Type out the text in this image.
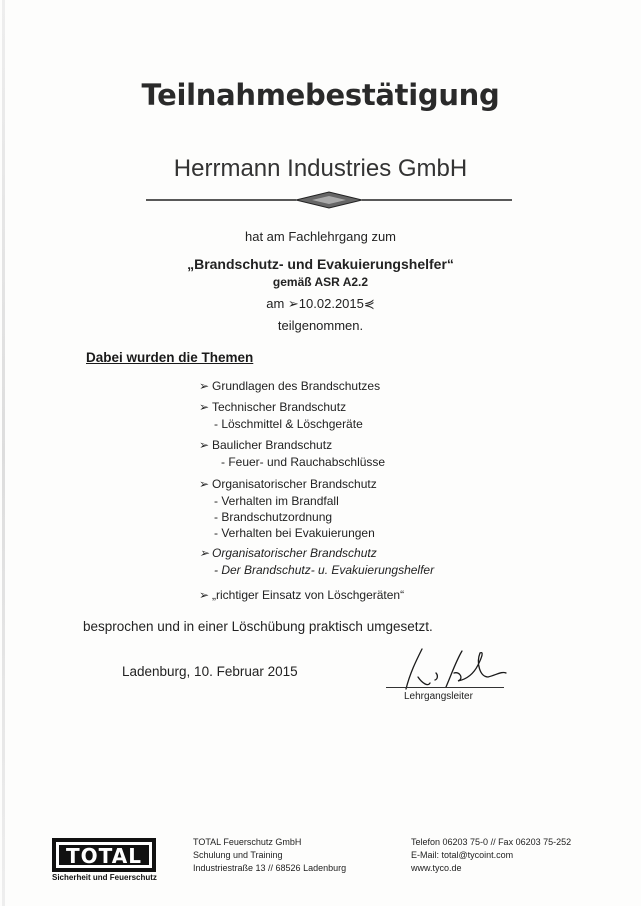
Teilnahmebestätigung
Herrmann Industries GmbH
hat am Fachlehrgang zum
„Brandschutz- und Evakuierungshelfer“
gemäß ASR A2.2
am ➢10.02.2015⋞
teilgenommen.
Dabei wurden die Themen
➢ Grundlagen des Brandschutzes
➢ Technischer Brandschutz
- Löschmittel & Löschgeräte
➢ Baulicher Brandschutz
- Feuer- und Rauchabschlüsse
➢ Organisatorischer Brandschutz
- Verhalten im Brandfall
- Brandschutzordnung
- Verhalten bei Evakuierungen
➢ Organisatorischer Brandschutz
- Der Brandschutz- u. Evakuierungshelfer
➢ „richtiger Einsatz von Löschgeräten“
besprochen und in einer Löschübung praktisch umgesetzt.
Ladenburg, 10. Februar 2015
Lehrgangsleiter
TOTAL
Sicherheit und Feuerschutz
TOTAL Feuerschutz GmbH
Schulung und Training
Industriestraße 13 // 68526 Ladenburg
Telefon 06203 75-0 // Fax 06203 75-252
E-Mail: total@tycoint.com
www.tyco.de
